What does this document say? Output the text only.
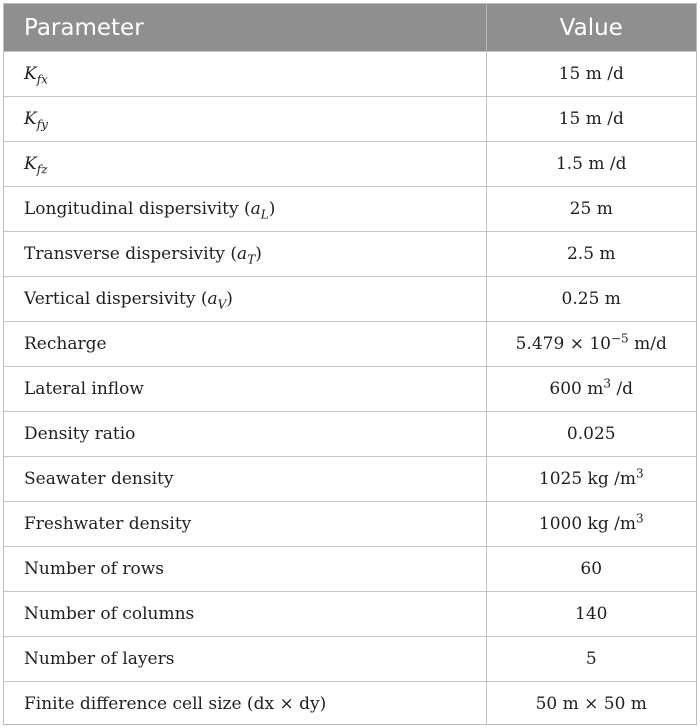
Parameter	Value
$K_{fx}$	15 m /d
$K_{fy}$	15 m /d
$K_{fz}$	1.5 m /d
Longitudinal dispersivity $(a_L)$	25 m
Transverse dispersivity $(a_T)$	2.5 m
Vertical dispersivity $(a_V)$	0.25 m
Recharge	$5.479 \times 10^{-5}$ m/d
Lateral inflow	600 $m^3$ /d
Density ratio	0.025
Seawater density	1025 kg $/m^3$
Freshwater density	1000 kg $/m^3$
Number of rows	60
Number of columns	140
Number of layers	5
Finite difference cell size (dx × dy)	50 m × 50 m
